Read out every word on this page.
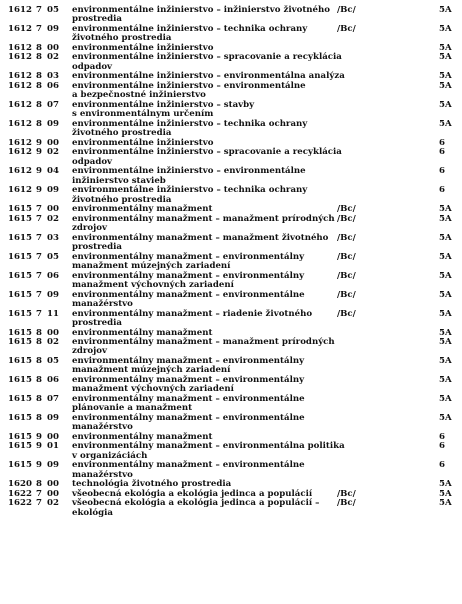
1612 7 05 environmentálne inžinierstvo – inžinierstvo životného
prostredia
/Bc/	5A
1612 7 09 environmentálne inžinierstvo – technika ochrany
životného prostredia
/Bc/	5A
1612 8 00 environmentálne inžinierstvo	5A
1612 8 02 environmentálne inžinierstvo – spracovanie a recyklácia
odpadov
5A
1612 8 03 environmentálne inžinierstvo – environmentálna analýza	5A
1612 8 06 environmentálne inžinierstvo – environmentálne
a bezpečnostné inžinierstvo
5A
1612 8 07 environmentálne inžinierstvo – stavby
s environmentálnym určením
5A
1612 8 09 environmentálne inžinierstvo – technika ochrany
životného prostredia
5A
1612 9 00 environmentálne inžinierstvo	6
1612 9 02 environmentálne inžinierstvo – spracovanie a recyklácia
odpadov
6
1612 9 04 environmentálne inžinierstvo – environmentálne
inžinierstvo stavieb
6
1612 9 09 environmentálne inžinierstvo – technika ochrany
životného prostredia
6
1615 7 00 environmentálny manažment	/Bc/	5A
1615 7 02 environmentálny manažment – manažment prírodných
zdrojov
/Bc/	5A
1615 7 03 environmentálny manažment – manažment životného
prostredia
/Bc/	5A
1615 7 05 environmentálny manažment – environmentálny
manažment múzejných zariadení
/Bc/	5A
1615 7 06 environmentálny manažment – environmentálny
manažment výchovných zariadení
/Bc/	5A
1615 7 09 environmentálny manažment – environmentálne
manažérstvo
/Bc/	5A
1615 7 11 environmentálny manažment – riadenie životného
prostredia
/Bc/	5A
1615 8 00 environmentálny manažment	5A
1615 8 02 environmentálny manažment – manažment prírodných
zdrojov
5A
1615 8 05 environmentálny manažment – environmentálny
manažment múzejných zariadení
5A
1615 8 06 environmentálny manažment – environmentálny
manažment výchovných zariadení
5A
1615 8 07 environmentálny manažment – environmentálne
plánovanie a manažment
5A
1615 8 09 environmentálny manažment – environmentálne
manažérstvo
5A
1615 9 00 environmentálny manažment	6
1615 9 01 environmentálny manažment – environmentálna politika
v organizáciách
6
1615 9 09 environmentálny manažment – environmentálne
manažérstvo
6
1620 8 00 technológia životného prostredia	5A
1622 7 00 všeobecná ekológia a ekológia jedinca a populácií	/Bc/	5A
1622 7 02 všeobecná ekológia a ekológia jedinca a populácií –
ekológia
/Bc/	5A
